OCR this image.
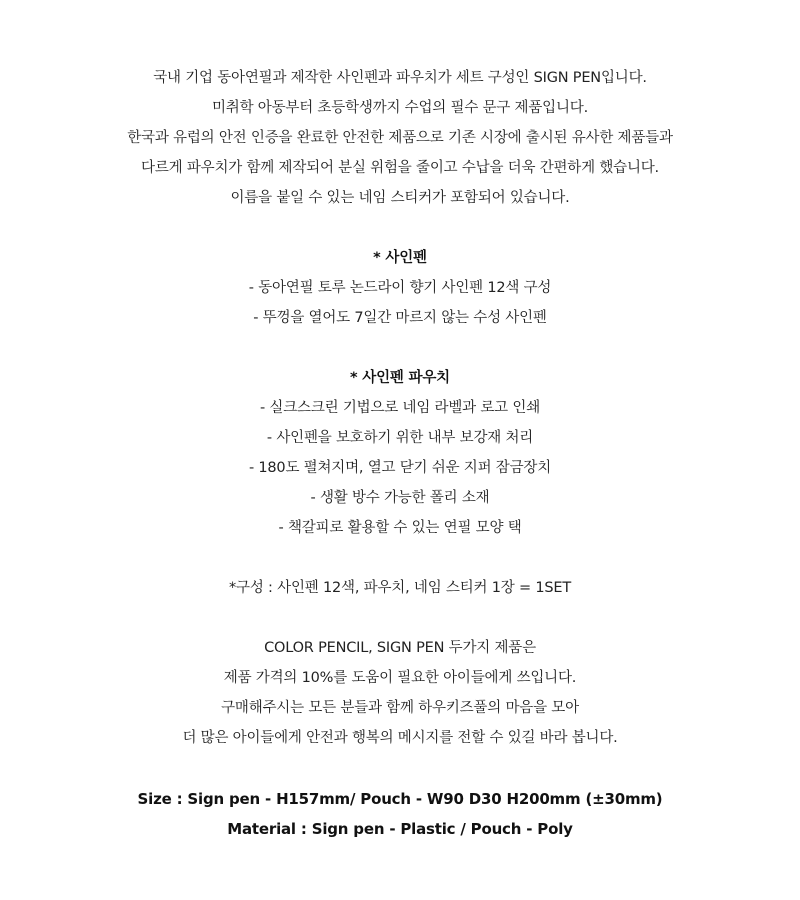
국내 기업 동아연필과 제작한 사인펜과 파우치가 세트 구성인 SIGN PEN입니다.
미취학 아동부터 초등학생까지 수업의 필수 문구 제품입니다.
한국과 유럽의 안전 인증을 완료한 안전한 제품으로 기존 시장에 출시된 유사한 제품들과
다르게 파우치가 함께 제작되어 분실 위험을 줄이고 수납을 더욱 간편하게 했습니다.
이름을 붙일 수 있는 네임 스티커가 포함되어 있습니다.
* 사인펜
- 동아연필 토루 논드라이 향기 사인펜 12색 구성
- 뚜껑을 열어도 7일간 마르지 않는 수성 사인펜
* 사인펜 파우치
- 실크스크린 기법으로 네임 라벨과 로고 인쇄
- 사인펜을 보호하기 위한 내부 보강재 처리
- 180도 펼쳐지며, 열고 닫기 쉬운 지퍼 잠금장치
- 생활 방수 가능한 폴리 소재
- 책갈피로 활용할 수 있는 연필 모양 택
*구성 : 사인펜 12색, 파우치, 네임 스티커 1장 = 1SET
COLOR PENCIL, SIGN PEN 두가지 제품은
제품 가격의 10%를 도움이 필요한 아이들에게 쓰입니다.
구매해주시는 모든 분들과 함께 하우키즈풀의 마음을 모아
더 많은 아이들에게 안전과 행복의 메시지를 전할 수 있길 바라 봅니다.
Size : Sign pen - H157mm/ Pouch - W90 D30 H200mm (±30mm)
Material : Sign pen - Plastic / Pouch - Poly
